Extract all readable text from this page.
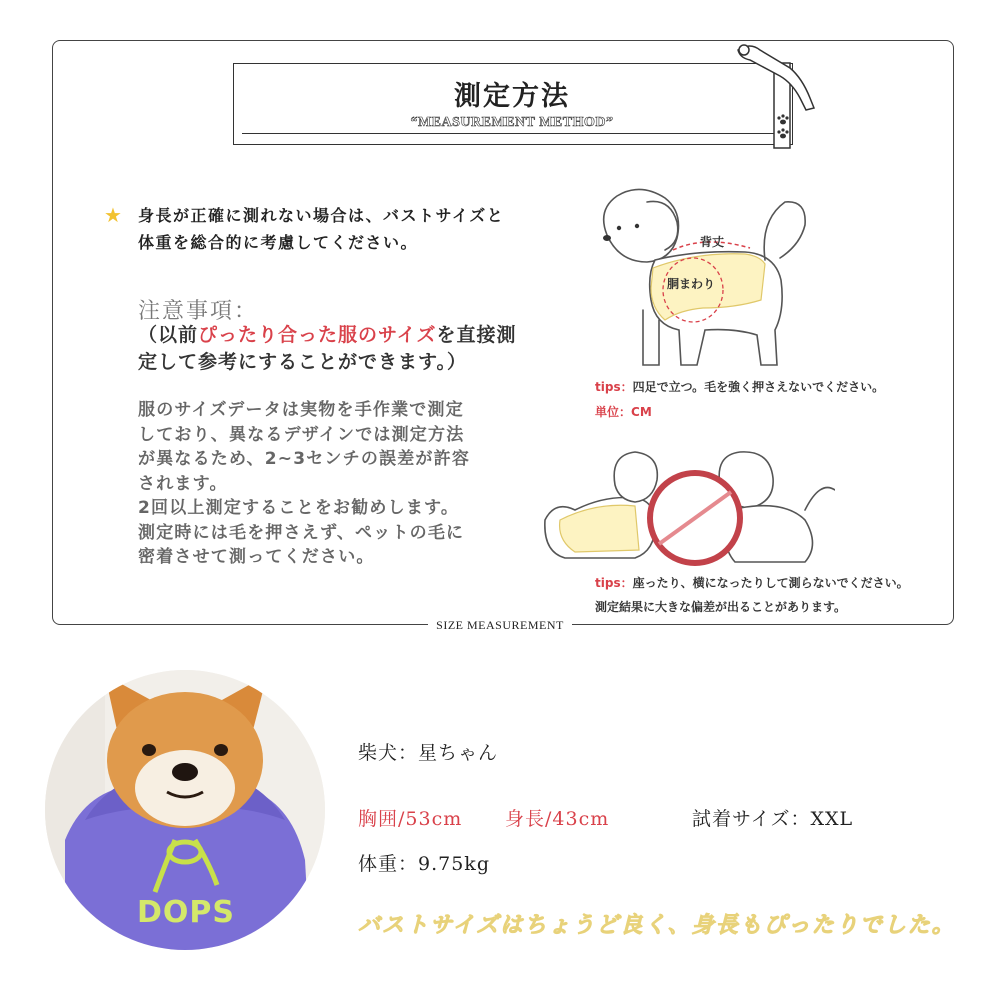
測定方法
“MEASUREMENT METHOD”
★ 身長が正確に測れない場合は、バストサイズと体重を総合的に考慮してください。
注意事項：
（以前ぴったり合った服のサイズを直接測定して参考にすることができます。）
服のサイズデータは実物を手作業で測定
しており、異なるデザインでは測定方法
が異なるため、2~3センチの誤差が許容
されます。
2回以上測定することをお勧めします。
測定時には毛を押さえず、ペットの毛に
密着させて測ってください。
背丈
胴まわり
tips：四足で立つ。毛を強く押さえないでください。
単位：CM
tips：座ったり、横になったりして測らないでください。
測定結果に大きな偏差が出ることがあります。
SIZE MEASUREMENT
DOPS
柴犬：星ちゃん
胸囲/53cm 身長/43cm	試着サイズ：XXL
体重：9.75kg
バストサイズはちょうど良く、身長もぴったりでした。
